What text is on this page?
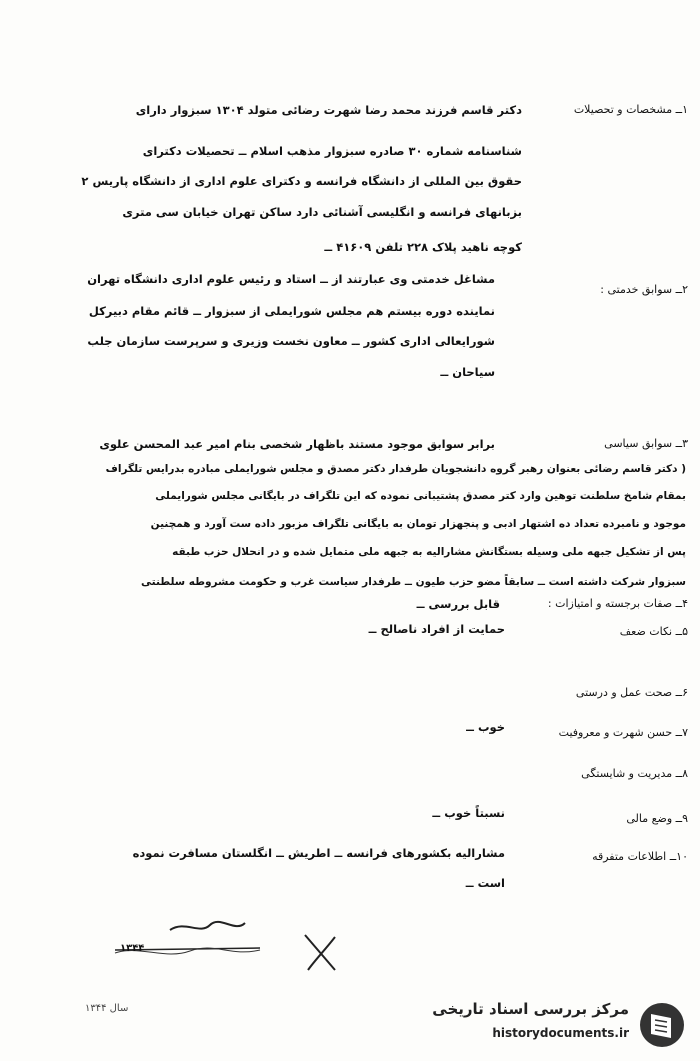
۱ــ مشخصات و تحصیلات
دکتر قاسم فرزند محمد رضا شهرت رضائی متولد ۱۳۰۴ سبزوار دارای
شناسنامه شماره ۳۰ صادره سبزوار مذهب اسلام ــ تحصیلات دکترای
حقوق بین المللی از دانشگاه فرانسه و دکترای علوم اداری از دانشگاه پاریس ۲
بزبانهای فرانسه و انگلیسی آشنائی دارد ساکن تهران خیابان سی متری
کوچه ناهید پلاک ۲۲۸ تلفن ۴۱۶۰۹ ــ
۲ــ سوابق خدمتی :
مشاغل خدمتی وی عبارتند از ــ استاد و رئیس علوم اداری دانشگاه تهران
نماینده دوره بیستم هم مجلس شورایملی از سبزوار ــ قائم مقام دبیرکل
شورایعالی اداری کشور ــ معاون نخست وزیری و سرپرست سازمان جلب
سیاحان ــ
۳ــ سوابق سیاسی
برابر سوابق موجود مستند باظهار شخصی بنام امیر عبد المحسن علوی
( دکتر قاسم رضائی بعنوان رهبر گروه دانشجویان طرفدار دکتر مصدق و مجلس شورایملی مبادره بدرایس تلگراف
بمقام شامخ سلطنت توهین وارد کتر مصدق پشتیبانی نموده که این تلگراف در بایگانی مجلس شورایملی
موجود و نامبرده تعداد ده اشتهار ادبی و پنجهزار تومان به بایگانی تلگراف مزبور داده ست آورد و همچنین
پس از تشکیل جبهه ملی وسیله بستگانش مشارالیه به جبهه ملی متمایل شده و در انحلال حزب طبقه
سبزوار شرکت داشته است ــ سابقاً مضو حزب طیون ــ طرفدار سیاست غرب و حکومت مشروطه سلطنتی
۴ــ صفات برجسته و امتیازات :
قابل بررسی ــ
۵ــ نکات ضعف
حمایت از افراد ناصالح ــ
۶ــ صحت عمل و درستی
۷ــ حسن شهرت و معروفیت
خوب ــ
۸ــ مدیریت و شایستگی
۹ــ وضع مالی
نسبتاً خوب ــ
۱۰ــ اطلاعات متفرقه
مشارالیه بکشورهای فرانسه ــ اطریش ــ انگلستان مسافرت نموده
است ــ
۱۳۴۴
سال ۱۳۴۴	مرکز بررسی اسناد تاریخی
historydocuments.ir
